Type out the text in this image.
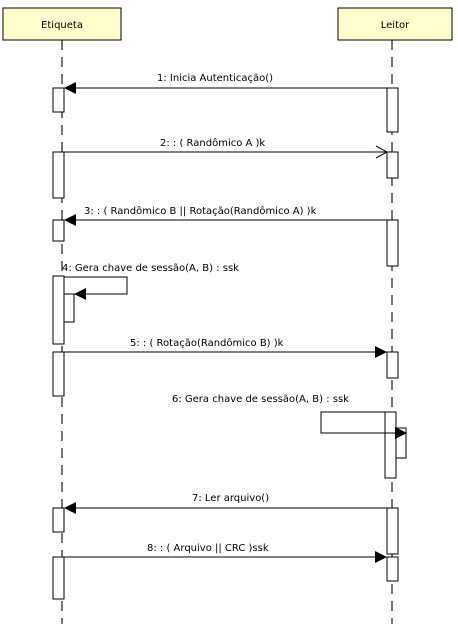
Etiqueta	Leitor
1: Inicia Autenticação()
2: : ( Randômico A )k
3: : ( Randômico B || Rotação(Randômico A) )k
4: Gera chave de sessão(A, B) : ssk
5: : ( Rotação(Randômico B) )k
6: Gera chave de sessão(A, B) : ssk
7: Ler arquivo()
8: : ( Arquivo || CRC )ssk
